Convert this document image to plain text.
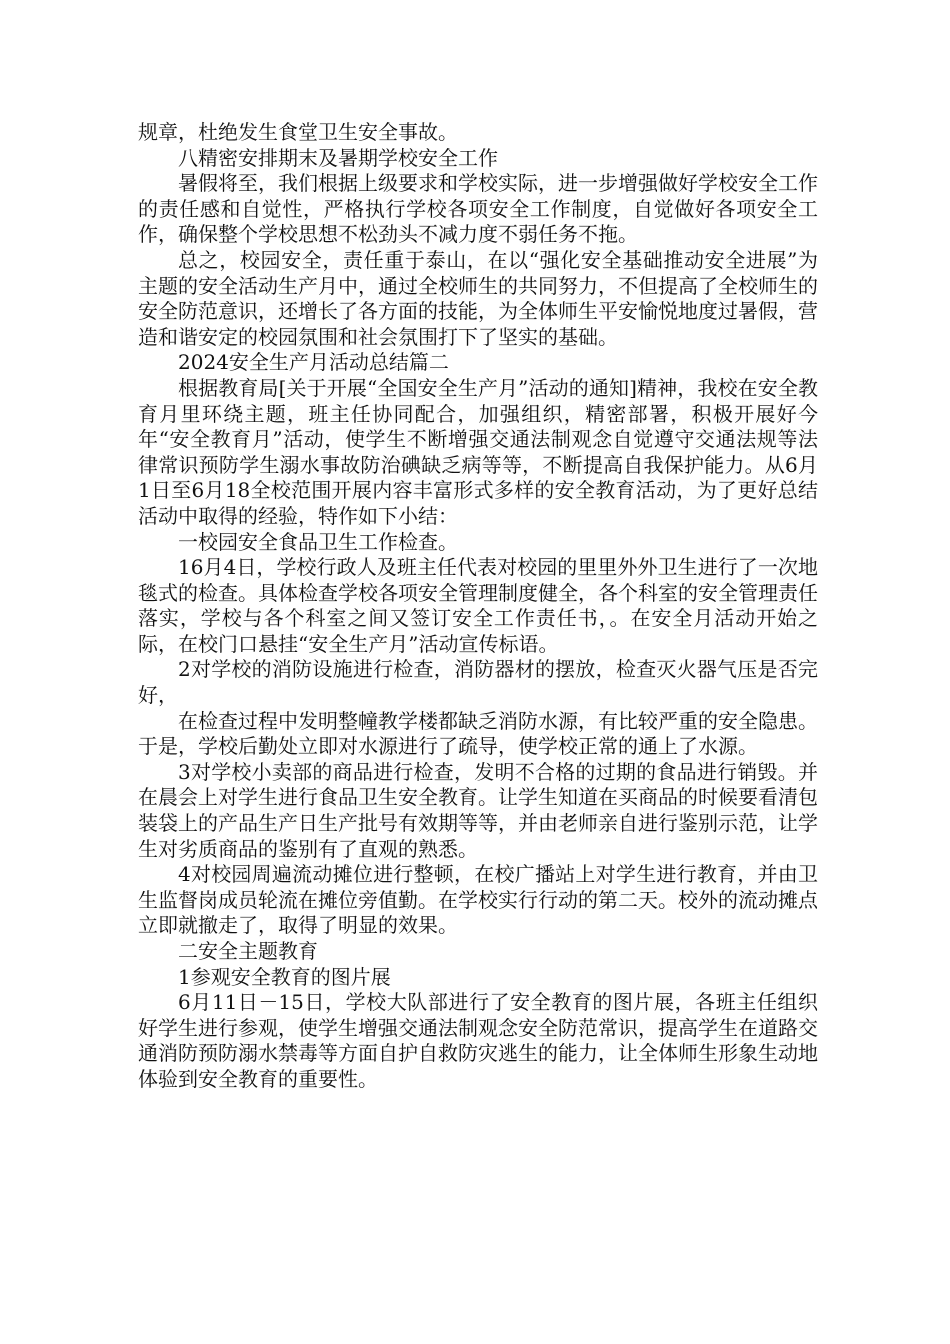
规章，杜绝发生食堂卫生安全事故。

八精密安排期末及暑期学校安全工作

暑假将至，我们根据上级要求和学校实际，进一步增强做好学校安全工作的责任感和自觉性，严格执行学校各项安全工作制度，自觉做好各项安全工作，确保整个学校思想不松劲头不减力度不弱任务不拖。

总之，校园安全，责任重于泰山，在以“强化安全基础推动安全进展”为主题的安全活动生产月中，通过全校师生的共同努力，不但提高了全校师生的安全防范意识，还增长了各方面的技能，为全体师生平安愉悦地度过暑假，营造和谐安定的校园氛围和社会氛围打下了坚实的基础。

2024安全生产月活动总结篇二

根据教育局[关于开展“全国安全生产月”活动的通知]精神，我校在安全教育月里环绕主题，班主任协同配合，加强组织，精密部署，积极开展好今年“安全教育月”活动，使学生不断增强交通法制观念自觉遵守交通法规等法律常识预防学生溺水事故防治碘缺乏病等等，不断提高自我保护能力。从6月1日至6月18全校范围开展内容丰富形式多样的安全教育活动，为了更好总结活动中取得的经验，特作如下小结：

一校园安全食品卫生工作检查。

16月4日，学校行政人及班主任代表对校园的里里外外卫生进行了一次地毯式的检查。具体检查学校各项安全管理制度健全，各个科室的安全管理责任落实，学校与各个科室之间又签订安全工作责任书，。在安全月活动开始之际，在校门口悬挂“安全生产月”活动宣传标语。

2对学校的消防设施进行检查，消防器材的摆放，检查灭火器气压是否完好，

在检查过程中发明整幢教学楼都缺乏消防水源，有比较严重的安全隐患。于是，学校后勤处立即对水源进行了疏导，使学校正常的通上了水源。

3对学校小卖部的商品进行检查，发明不合格的过期的食品进行销毁。并在晨会上对学生进行食品卫生安全教育。让学生知道在买商品的时候要看清包装袋上的产品生产日生产批号有效期等等，并由老师亲自进行鉴别示范，让学生对劣质商品的鉴别有了直观的熟悉。

4对校园周遍流动摊位进行整顿，在校广播站上对学生进行教育，并由卫生监督岗成员轮流在摊位旁值勤。在学校实行行动的第二天。校外的流动摊点立即就撤走了，取得了明显的效果。

二安全主题教育

1参观安全教育的图片展

6月11日－15日，学校大队部进行了安全教育的图片展，各班主任组织好学生进行参观，使学生增强交通法制观念安全防范常识，提高学生在道路交通消防预防溺水禁毒等方面自护自救防灾逃生的能力，让全体师生形象生动地体验到安全教育的重要性。
